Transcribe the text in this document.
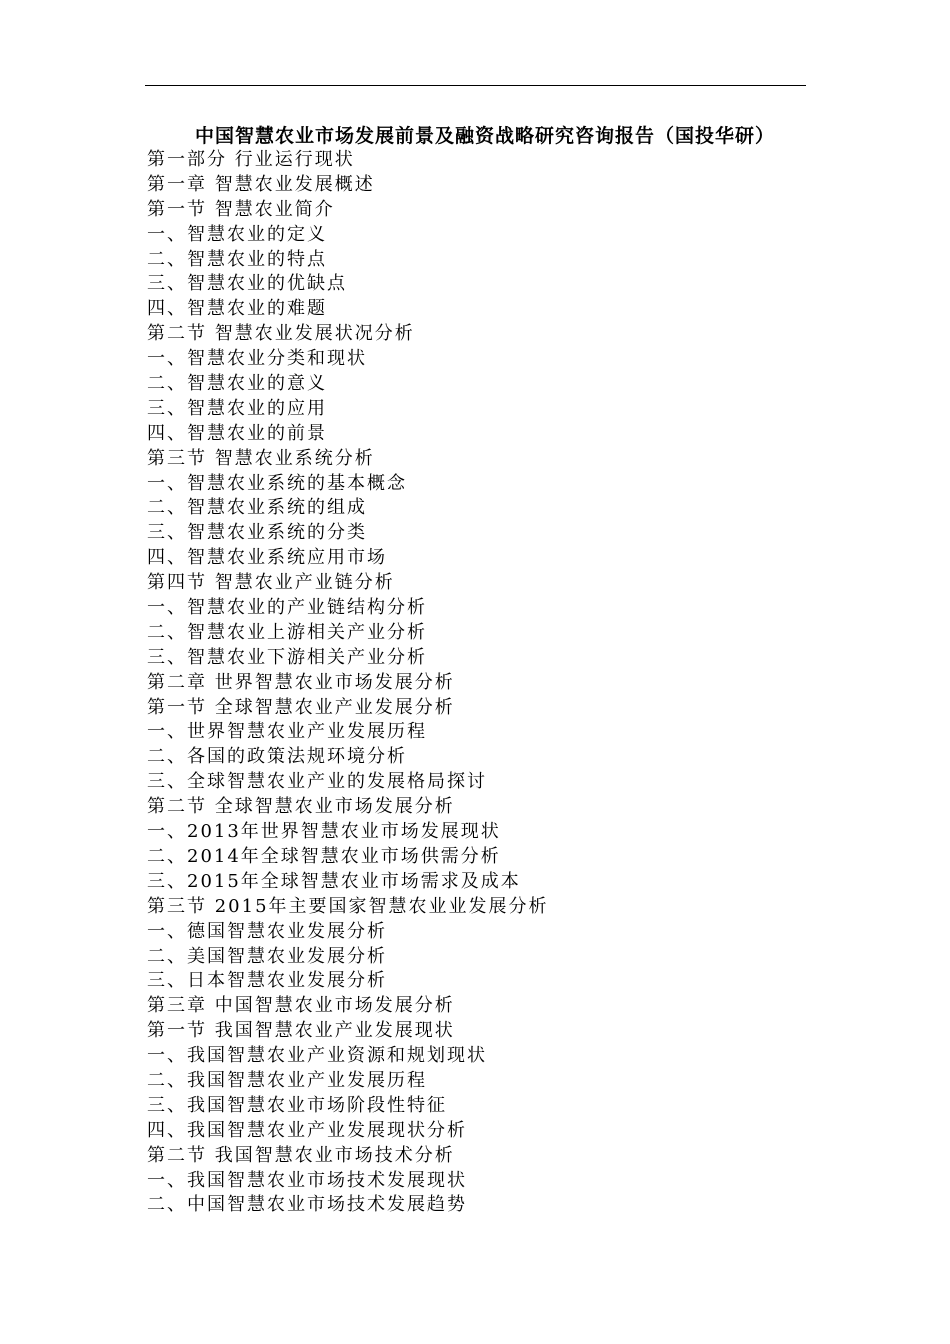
中国智慧农业市场发展前景及融资战略研究咨询报告（国投华研）
第一部分 行业运行现状
第一章 智慧农业发展概述
第一节 智慧农业简介
一、智慧农业的定义
二、智慧农业的特点
三、智慧农业的优缺点
四、智慧农业的难题
第二节 智慧农业发展状况分析
一、智慧农业分类和现状
二、智慧农业的意义
三、智慧农业的应用
四、智慧农业的前景
第三节 智慧农业系统分析
一、智慧农业系统的基本概念
二、智慧农业系统的组成
三、智慧农业系统的分类
四、智慧农业系统应用市场
第四节 智慧农业产业链分析
一、智慧农业的产业链结构分析
二、智慧农业上游相关产业分析
三、智慧农业下游相关产业分析
第二章 世界智慧农业市场发展分析
第一节 全球智慧农业产业发展分析
一、世界智慧农业产业发展历程
二、各国的政策法规环境分析
三、全球智慧农业产业的发展格局探讨
第二节 全球智慧农业市场发展分析
一、2013年世界智慧农业市场发展现状
二、2014年全球智慧农业市场供需分析
三、2015年全球智慧农业市场需求及成本
第三节 2015年主要国家智慧农业业发展分析
一、德国智慧农业发展分析
二、美国智慧农业发展分析
三、日本智慧农业发展分析
第三章 中国智慧农业市场发展分析
第一节 我国智慧农业产业发展现状
一、我国智慧农业产业资源和规划现状
二、我国智慧农业产业发展历程
三、我国智慧农业市场阶段性特征
四、我国智慧农业产业发展现状分析
第二节 我国智慧农业市场技术分析
一、我国智慧农业市场技术发展现状
二、中国智慧农业市场技术发展趋势
